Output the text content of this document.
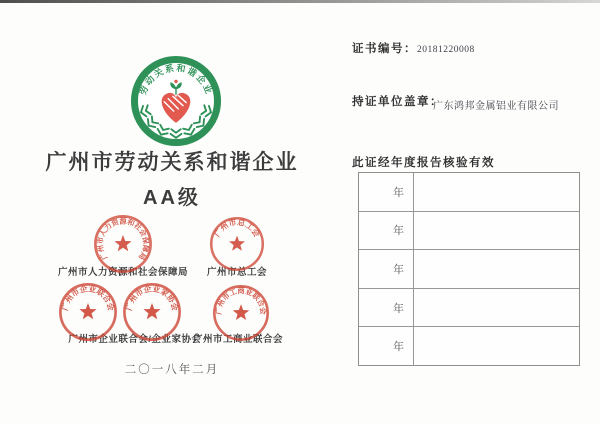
劳动关系和谐企业
广州市劳动关系和谐企业
AA级
广州市人力资源和社会保障局
广州市总工会
广州市人力资源和社会保障局	广州市总工会
广州市企业联合会 广州市企业家协会	广州市工商业联合会
广州市企业联合会/企业家协会
广州市工商业联合会
二〇一八年二月
证书编号： 20181220008
持证单位盖章：
广东鸿邦金属铝业有限公司
此证经年度报告核验有效
年
年
年
年
年
